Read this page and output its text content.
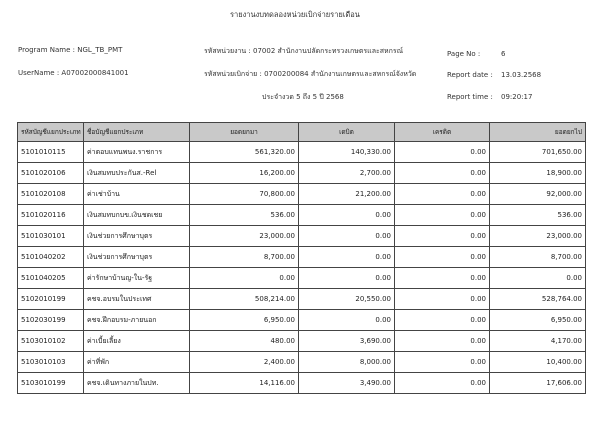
รายงานงบทดลองหน่วยเบิกจ่ายรายเดือน
Program Name : NGL_TB_PMT
UserName : A07002000841001
รหัสหน่วยงาน : 07002 สำนักงานปลัดกระทรวงเกษตรและสหกรณ์
รหัสหน่วยเบิกจ่าย : 0700200084 สำนักงานเกษตรและสหกรณ์จังหวัด
ประจำงวด 5 ถึง 5 ปี 2568
Page No :	6
Report date : 13.03.2568
Report time : 09:20:17
รหัสบัญชีแยกประเภท	ชื่อบัญชีแยกประเภท	ยอดยกมา	เดบิต	เครดิต	ยอดยกไป
5101010115	ค่าตอบแทนพนง.ราชการ	561,320.00	140,330.00	0.00	701,650.00
5101020106	เงินสมทบประกันส.-Rel	16,200.00	2,700.00	0.00	18,900.00
5101020108	ค่าเช่าบ้าน	70,800.00	21,200.00	0.00	92,000.00
5101020116	เงินสมทบกบข.เงินชดเชย	536.00	0.00	0.00	536.00
5101030101	เงินช่วยการศึกษาบุตร	23,000.00	0.00	0.00	23,000.00
5101040202	เงินช่วยการศึกษาบุตร	8,700.00	0.00	0.00	8,700.00
5101040205	ค่ารักษาบ้านญ-ใน-รัฐ	0.00	0.00	0.00	0.00
5102010199	คชจ.อบรมในประเทศ	508,214.00	20,550.00	0.00	528,764.00
5102030199	คชจ.ฝึกอบรม-ภายนอก	6,950.00	0.00	0.00	6,950.00
5103010102	ค่าเบี้ยเลี้ยง	480.00	3,690.00	0.00	4,170.00
5103010103	ค่าที่พัก	2,400.00	8,000.00	0.00	10,400.00
5103010199	คชจ.เดินทางภายในปท.	14,116.00	3,490.00	0.00	17,606.00
